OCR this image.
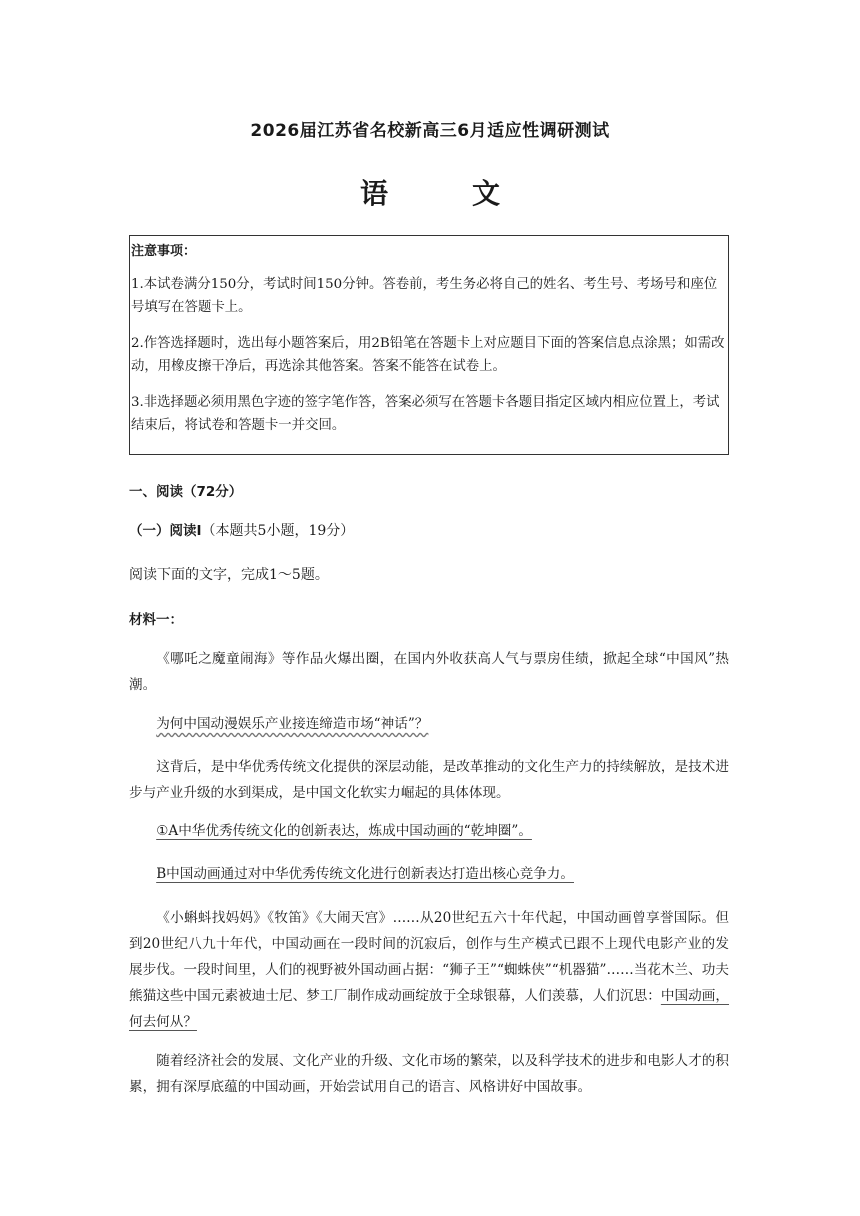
2026届江苏省名校新高三6月适应性调研测试
语	文
注意事项：

1.本试卷满分150分，考试时间150分钟。答卷前，考生务必将自己的姓名、考生号、考场号和座位号填写在答题卡上。

2.作答选择题时，选出每小题答案后，用2B铅笔在答题卡上对应题目下面的答案信息点涂黑；如需改动，用橡皮擦干净后，再选涂其他答案。答案不能答在试卷上。

3.非选择题必须用黑色字迹的签字笔作答，答案必须写在答题卡各题目指定区域内相应位置上，考试结束后，将试卷和答题卡一并交回。

一、阅读（72分）
（一）阅读Ⅰ（本题共5小题，19分）
阅读下面的文字，完成1～5题。
材料一：
《哪吒之魔童闹海》等作品火爆出圈，在国内外收获高人气与票房佳绩，掀起全球“中国风”热潮。
为何中国动漫娱乐产业接连缔造市场“神话”？
这背后，是中华优秀传统文化提供的深层动能，是改革推动的文化生产力的持续解放，是技术进步与产业升级的水到渠成，是中国文化软实力崛起的具体体现。
①A中华优秀传统文化的创新表达，炼成中国动画的“乾坤圈”。
B中国动画通过对中华优秀传统文化进行创新表达打造出核心竞争力。
《小蝌蚪找妈妈》《牧笛》《大闹天宫》……从20世纪五六十年代起，中国动画曾享誉国际。但到20世纪八九十年代，中国动画在一段时间的沉寂后，创作与生产模式已跟不上现代电影产业的发展步伐。一段时间里，人们的视野被外国动画占据：“狮子王”“蜘蛛侠”“机器猫”……当花木兰、功夫熊猫这些中国元素被迪士尼、梦工厂制作成动画绽放于全球银幕，人们羡慕，人们沉思：中国动画，何去何从？
随着经济社会的发展、文化产业的升级、文化市场的繁荣，以及科学技术的进步和电影人才的积累，拥有深厚底蕴的中国动画，开始尝试用自己的语言、风格讲好中国故事。
